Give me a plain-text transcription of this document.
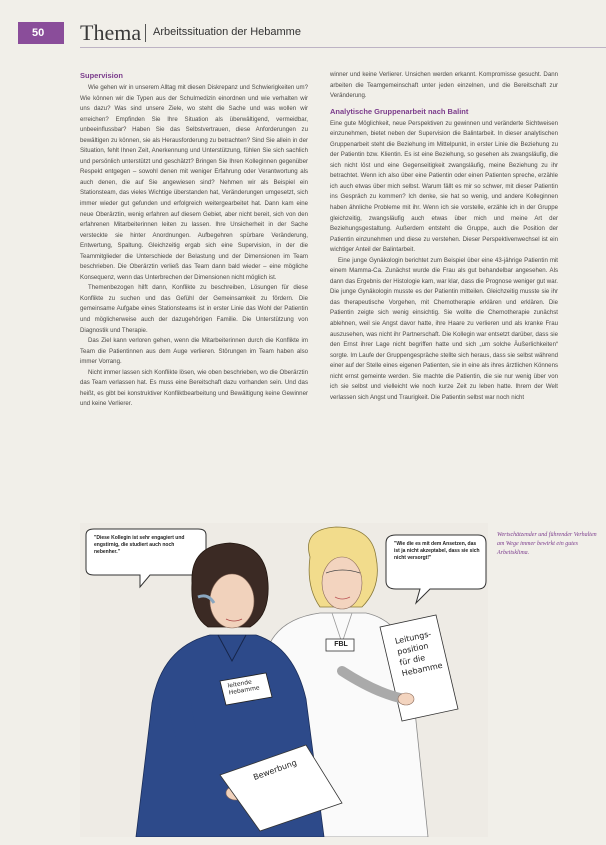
50	Thema Arbeitssituation der Hebamme
Supervision

Wie gehen wir in unserem Alltag mit diesen Diskrepanz und Schwierigkeiten um? Wie können wir die Typen aus der Schulmedizin einordnen und wie verhalten wir uns dazu? Was sind unsere Ziele, wo steht die Sache und was wollen wir erreichen? Empfinden Sie Ihre Situation als überwältigend, vermeidbar, unbeeinflussbar? Haben Sie das Selbstvertrauen, diese Anforderungen zu bewältigen zu können, sie als Herausforderung zu betrachten? Sind Sie allein in der Situation, fehlt Ihnen Zeit, Anerkennung und Unterstützung, fühlen Sie sich sachlich und persönlich unterstützt und geschätzt? Bringen Sie Ihren Kolleginnen gegenüber Respekt entgegen – sowohl denen mit weniger Erfahrung oder Verantwortung als auch denen, die auf Sie angewiesen sind? Nehmen wir als Beispiel ein Stationsteam, das vieles Wichtige überstanden hat, Veränderungen umgesetzt, sich immer wieder gut gefunden und erfolgreich weitergearbeitet hat. Dann kam eine neue Oberärztin, wenig erfahren auf diesem Gebiet, aber nicht bereit, sich von den erfahrenen Mitarbeiterinnen leiten zu lassen. Ihre Unsicherheit in der Sache versteckte sie hinter Anordnungen. Aufbegehren spürbare Veränderung, Entwertung, Spaltung. Gleichzeitig ergab sich eine Supervision, in der die Teammitglieder die Unterschiede der Belastung und der Dimensionen im Team beschrieben. Die Oberärztin verließ das Team dann bald wieder – eine mögliche Konsequenz, wenn das Unterbrechen der Dimensionen nicht möglich ist.

Themenbezogen hilft dann, Konflikte zu beschreiben, Lösungen für diese Konflikte zu suchen und das Gefühl der Gemeinsamkeit zu fördern. Die gemeinsame Aufgabe eines Stationsteams ist in erster Linie das Wohl der Patientin und möglicherweise auch der dazugehörigen Familie. Die Unterstützung von Diagnostik und Therapie.

Das Ziel kann verloren gehen, wenn die Mitarbeiterinnen durch die Konflikte im Team die Patientinnen aus dem Auge verlieren. Störungen im Team haben also immer Vorrang.

Nicht immer lassen sich Konflikte lösen, wie oben beschrieben, wo die Oberärztin das Team verlassen hat. Es muss eine Bereitschaft dazu vorhanden sein. Und das heißt, es gibt bei konstruktiver Konfliktbearbeitung und Bewältigung keine Gewinner und keine Verlierer.

winner und keine Verlierer. Unsichen werden erkannt. Kompromisse gesucht. Dann arbeiten die Teamgemeinschaft unter jeden einzelnen, und die Bereitschaft zur Veränderung.

Analytische Gruppenarbeit nach Balint

Eine gute Möglichkeit, neue Perspektiven zu gewinnen und veränderte Sichtweisen einzunehmen, bietet neben der Supervision die Balintarbeit. In dieser analytischen Gruppenarbeit steht die Beziehung im Mittelpunkt, in erster Linie die Beziehung zu der Patientin bzw. Klientin. Es ist eine Beziehung, so gesehen als zwangsläufig, die sich nicht löst und eine Gegenseitigkeit zwangsläufig, meine Beziehung zu ihr betrachtet. Wenn ich also über eine Patientin oder einen Patienten spreche, erzähle ich auch etwas über mich selbst. Warum fällt es mir so schwer, mit dieser Patientin ins Gespräch zu kommen? Ich denke, sie hat so wenig, und andere Kolleginnen haben ähnliche Probleme mit ihr. Wenn ich sie vorstelle, erzähle ich in der Gruppe gleichzeitig, zwangsläufig auch etwas über mich und meine Art der Beziehungsgestaltung. Außerdem entsteht die Gruppe, auch die Position der Patientin einzunehmen und diese zu verstehen. Dieser Perspektivenwechsel ist ein wichtiger Anteil der Balintarbeit.

Eine junge Gynäkologin berichtet zum Beispiel über eine 43-jährige Patientin mit einem Mamma-Ca. Zunächst wurde die Frau als gut behandelbar angesehen. Als dann das Ergebnis der Histologie kam, war klar, dass die Prognose weniger gut war. Die junge Gynäkologin musste es der Patientin mitteilen. Gleichzeitig musste sie ihr das therapeutische Vorgehen, mit Chemotherapie erklären und erklären. Die Patientin zeigte sich wenig einsichtig. Sie wollte die Chemotherapie zunächst ablehnen, weil sie Angst davor hatte, ihre Haare zu verlieren und als kranke Frau auszusehen, was nicht ihr Partnerschaft. Die Kollegin war entsetzt darüber, dass sie den Ernst ihrer Lage nicht begriffen hatte und sich „um solche Äußerlichkeiten“ sorgte. Im Laufe der Gruppengespräche stellte sich heraus, dass sie selbst während einer auf der Stelle eines eigenen Patienten, sie in eine als ihres ärztlichen Könnens nicht ernst gemeinte werden. Sie machte die Patientin, die sie nur wenig über von ich sie selbst und vielleicht wie noch kurze Zeit zu leben hatte. Ihrem der Welt verlassen sich Angst und Traurigkeit. Die Patientin selbst war noch nicht

"Diese Kollegin ist sehr engagiert und engstirnig, die studiert auch noch nebenher."
"Wie die es mit dem Ansetzen, das ist ja nicht akzeptabel, dass sie sich nicht versorgt!"
leitende Hebamme
FBL	Leitungs-position für die Hebamme
Bewerbung
Wertschätzender und führender Verhalten am Wege immer bewirkt ein gutes Arbeitsklima.
